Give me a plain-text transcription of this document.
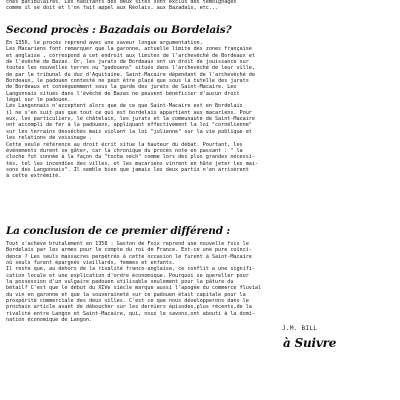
ches patibulaires. Les habitants des deux sites sont exclus des témoignages
comme il se doit et l'on fait appel aux Réolais, aux Bazadais, etc...
Second procès : Bazadais ou Bordelais?
En 1356, le procès reprend avec une saveur longue argumentation.
Les Macariens font remarquer que la garonne, actuelle limite des zones française
et anglaise , correspond à cet endroit aux limites de l'archevêché de Bordeaux et
de l'évêché de Bazas. Or, les jurats de Bordeaux ont un droit de jouissance sur
toutes les nouvelles terres ou "padouens" situés dans l'archevêché de leur ville,
de par le tribunal du duc d'Aquitaine. Saint-Macaire dépendant de l'archevêché de
Bordeaux, le padouen contesté ne peut être placé que sous la tutelle des jurats
de Bordeaux et conséquemment sous la garde des jurats de Saint-Macaire. Les
Langonnais situés dans l'évêché de Bazas ne peuvent bénéficier d'aucun droit
légal sur le padouen.
Les Langonnais n'acceptent alors que de ce que Saint-Macaire est en Bordelais
il ne s'en suit pas que tout ce qui est bordelais appartient aux macariens. Pour
eux, les particuliers, le châtelain, les jurats et la communauté de Saint-Macaire
ont accompli de fer à la padouens, appliquant effectivement la loi "cornélienne"
sur les terrains desséchés mais violant la loi "julienne" sur la vie publique et
les relations de voisinage .
Cette seule référence au droit écrit situe la hauteur du débat. Pourtant, les
événements durent se gâter, car la chronique du procès note en passant : " la
cloche fut sonnée à la façon du "tocha sech" comme lors des plus grandes nécessi-
tés, tel les incendies des villes, et les macariens vinrent en hâte jeter les mai-
sons des Langonnais". Il semble bien que jamais les deux partis n'en arrivèrent
à cette extrémité.
La conclusion de ce premier différend :
Tout s'achève brutalement en 1358 : Gaston de Foix reprend une nouvelle fois le
Bordelais par les armes pour le compte du roi de France. Est-ce une pure coïnci-
dence ? Les seuls massacres perpétrés à cette occasion le furent à Saint-Macaire
où seuls furent épargnés vieillards, femmes et enfants.
Il reste que, au dehors de la rivalité franco-anglaise, ce conflit a une signifi-
cation locale et une explication d'ordre économique. Pourquoi se quereller pour
la possession d'un vulgaire padouen utilisable seulement pour la pâture du
bétail? C'est que le début du XIVe siècle marque aussi l'apogée du commerce fluvial
du vin en garonne et que la souveraineté sur ce padouen était capitale pour la
prospérité commerciale des deux villes. C'est ce que nous développerons dans le
prochain article avant de déboucher sur les derniers épisodes,plus récents,de la
rivalité entre Langon et Saint-Macaire, qui, nous le savons,ont abouti à la domi-
nation économique de Langon.
J.M. BILL
à Suivre
